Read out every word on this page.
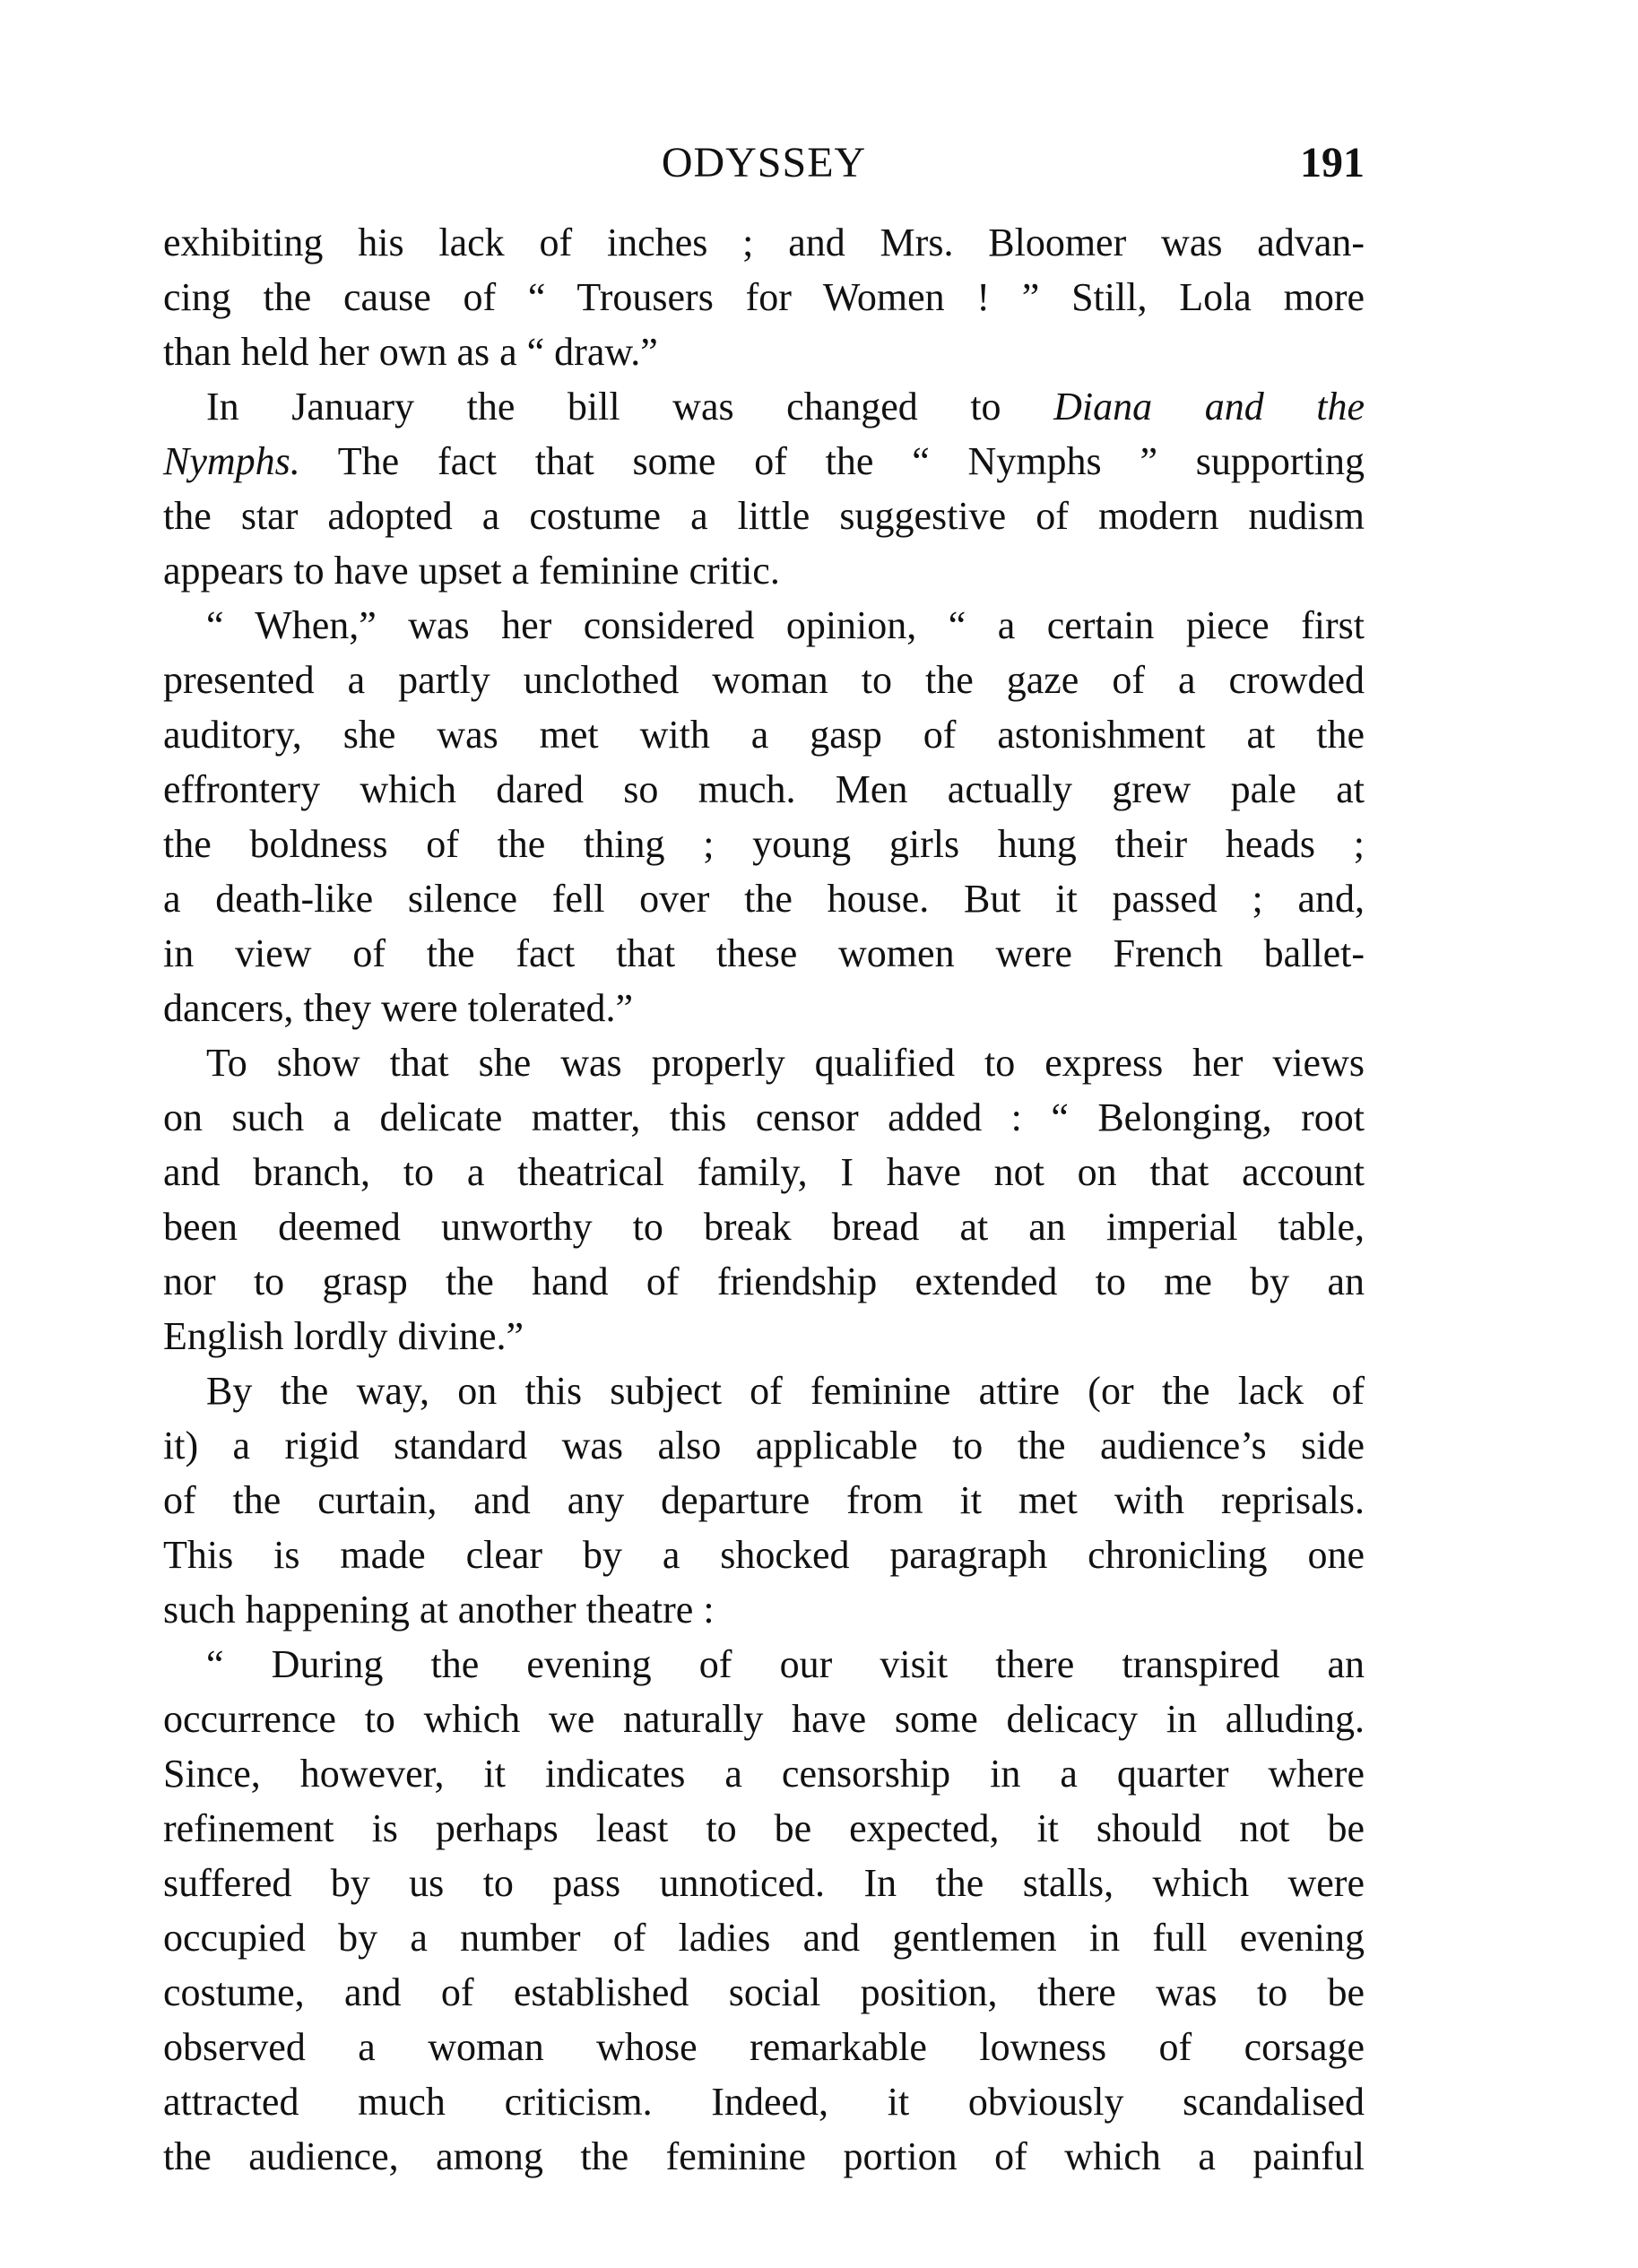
ODYSSEY	191
exhibiting his lack of inches ; and Mrs. Bloomer was advan-
cing the cause of “ Trousers for Women ! ” Still, Lola more
than held her own as a “ draw.”
In January the bill was changed to Diana and the
Nymphs. The fact that some of the “ Nymphs ” supporting
the star adopted a costume a little suggestive of modern nudism
appears to have upset a feminine critic.
“ When,” was her considered opinion, “ a certain piece first
presented a partly unclothed woman to the gaze of a crowded
auditory, she was met with a gasp of astonishment at the
effrontery which dared so much. Men actually grew pale at
the boldness of the thing ; young girls hung their heads ;
a death-like silence fell over the house. But it passed ; and,
in view of the fact that these women were French ballet-
dancers, they were tolerated.”
To show that she was properly qualified to express her views
on such a delicate matter, this censor added : “ Belonging, root
and branch, to a theatrical family, I have not on that account
been deemed unworthy to break bread at an imperial table,
nor to grasp the hand of friendship extended to me by an
English lordly divine.”
By the way, on this subject of feminine attire (or the lack of
it) a rigid standard was also applicable to the audience’s side
of the curtain, and any departure from it met with reprisals.
This is made clear by a shocked paragraph chronicling one
such happening at another theatre :
“ During the evening of our visit there transpired an
occurrence to which we naturally have some delicacy in alluding.
Since, however, it indicates a censorship in a quarter where
refinement is perhaps least to be expected, it should not be
suffered by us to pass unnoticed. In the stalls, which were
occupied by a number of ladies and gentlemen in full evening
costume, and of established social position, there was to be
observed a woman whose remarkable lowness of corsage
attracted much criticism. Indeed, it obviously scandalised
the audience, among the feminine portion of which a painful
